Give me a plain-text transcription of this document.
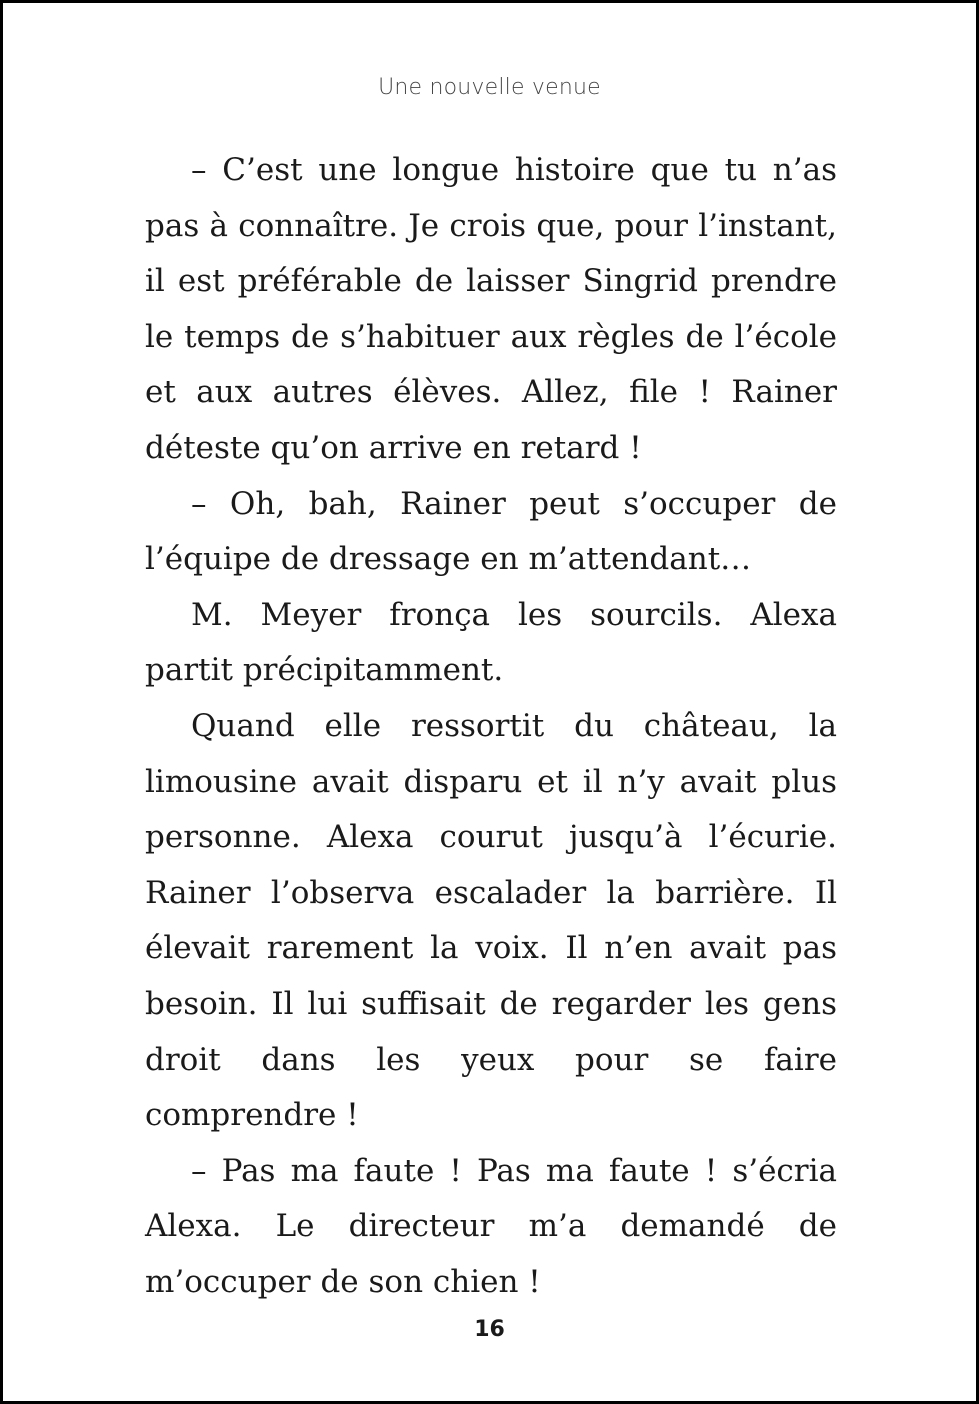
Une nouvelle venue

– C’est une longue histoire que tu n’as pas à connaître. Je crois que, pour l’instant, il est préférable de laisser Singrid prendre le temps de s’habituer aux règles de l’école et aux autres élèves. Allez, file ! Rainer déteste qu’on arrive en retard !

– Oh, bah, Rainer peut s’occuper de l’équipe de dressage en m’attendant…

M. Meyer fronça les sourcils. Alexa partit précipitamment.

Quand elle ressortit du château, la limousine avait disparu et il n’y avait plus personne. Alexa courut jusqu’à l’écurie. Rainer l’observa escalader la barrière. Il élevait rarement la voix. Il n’en avait pas besoin. Il lui suffisait de regarder les gens droit dans les yeux pour se faire comprendre !

– Pas ma faute ! Pas ma faute ! s’écria Alexa. Le directeur m’a demandé de m’occuper de son chien !

16
